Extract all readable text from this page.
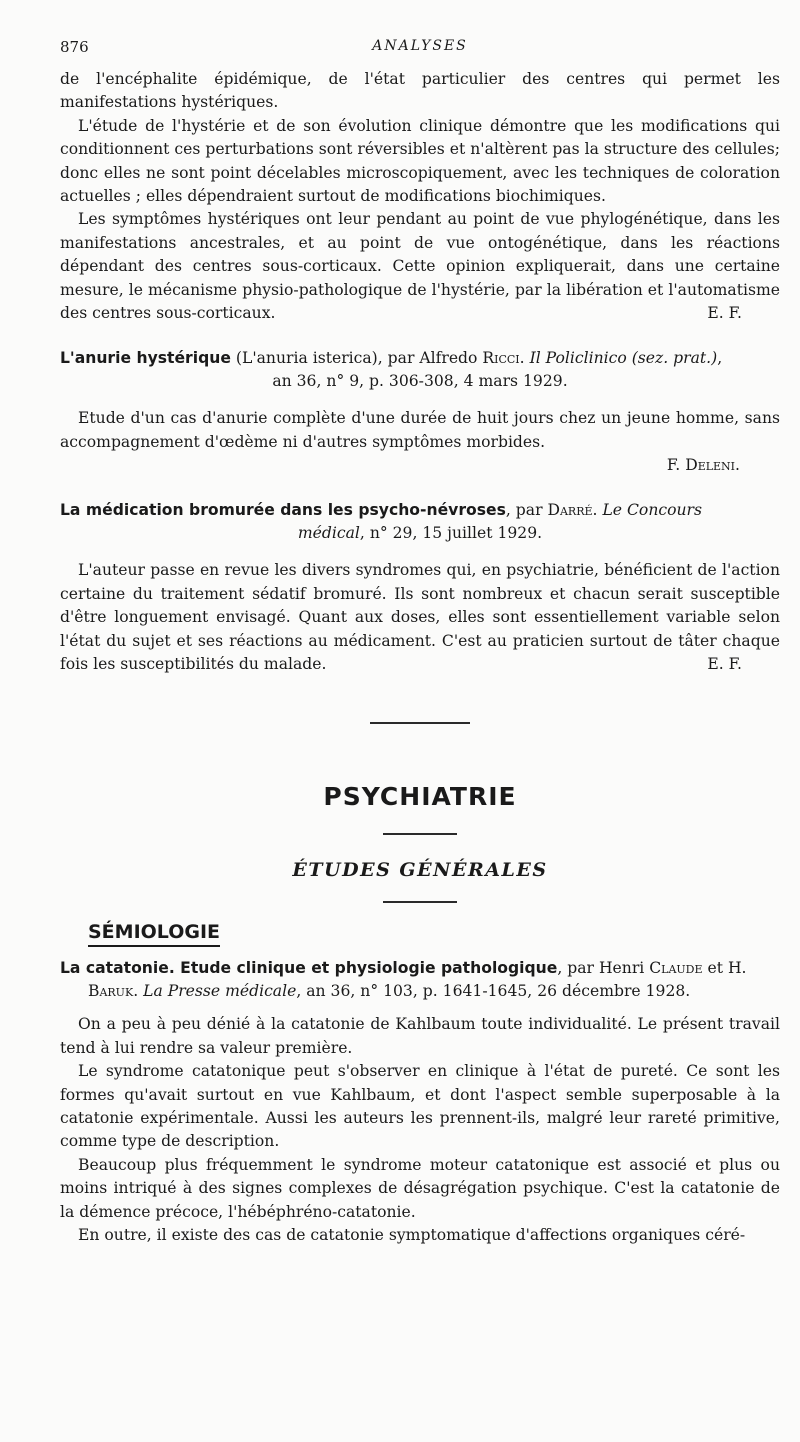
876	ANALYSES

de l'encéphalite épidémique, de l'état particulier des centres qui permet les manifestations hystériques.

L'étude de l'hystérie et de son évolution clinique démontre que les modifications qui conditionnent ces perturbations sont réversibles et n'altèrent pas la structure des cellules; donc elles ne sont point décelables microscopiquement, avec les techniques de coloration actuelles ; elles dépendraient surtout de modifications biochimiques.

Les symptômes hystériques ont leur pendant au point de vue phylogénétique, dans les manifestations ancestrales, et au point de vue ontogénétique, dans les réactions dépendant des centres sous-corticaux. Cette opinion expliquerait, dans une certaine mesure, le mécanisme physio-pathologique de l'hystérie, par la libération et l'automatisme des centres sous-corticaux.	E. F.

L'anurie hystérique (L'anuria isterica), par Alfredo Ricci. Il Policlinico (sez. prat.),
an 36, n° 9, p. 306-308, 4 mars 1929.

Etude d'un cas d'anurie complète d'une durée de huit jours chez un jeune homme, sans accompagnement d'œdème ni d'autres symptômes morbides.

F. Deleni.

La médication bromurée dans les psycho-névroses, par Darré. Le Concours
médical, n° 29, 15 juillet 1929.

L'auteur passe en revue les divers syndromes qui, en psychiatrie, bénéficient de l'action certaine du traitement sédatif bromuré. Ils sont nombreux et chacun serait susceptible d'être longuement envisagé. Quant aux doses, elles sont essentiellement variable selon l'état du sujet et ses réactions au médicament. C'est au praticien surtout de tâter chaque fois les susceptibilités du malade.	E. F.

PSYCHIATRIE
ÉTUDES GÉNÉRALES
SÉMIOLOGIE
La catatonie. Etude clinique et physiologie pathologique, par Henri Claude et H. Baruk. La Presse médicale, an 36, n° 103, p. 1641-1645, 26 décembre 1928.

On a peu à peu dénié à la catatonie de Kahlbaum toute individualité. Le présent travail tend à lui rendre sa valeur première.

Le syndrome catatonique peut s'observer en clinique à l'état de pureté. Ce sont les formes qu'avait surtout en vue Kahlbaum, et dont l'aspect semble superposable à la catatonie expérimentale. Aussi les auteurs les prennent-ils, malgré leur rareté primitive, comme type de description.

Beaucoup plus fréquemment le syndrome moteur catatonique est associé et plus ou moins intriqué à des signes complexes de désagrégation psychique. C'est la catatonie de la démence précoce, l'hébéphréno-catatonie.

En outre, il existe des cas de catatonie symptomatique d'affections organiques céré-
